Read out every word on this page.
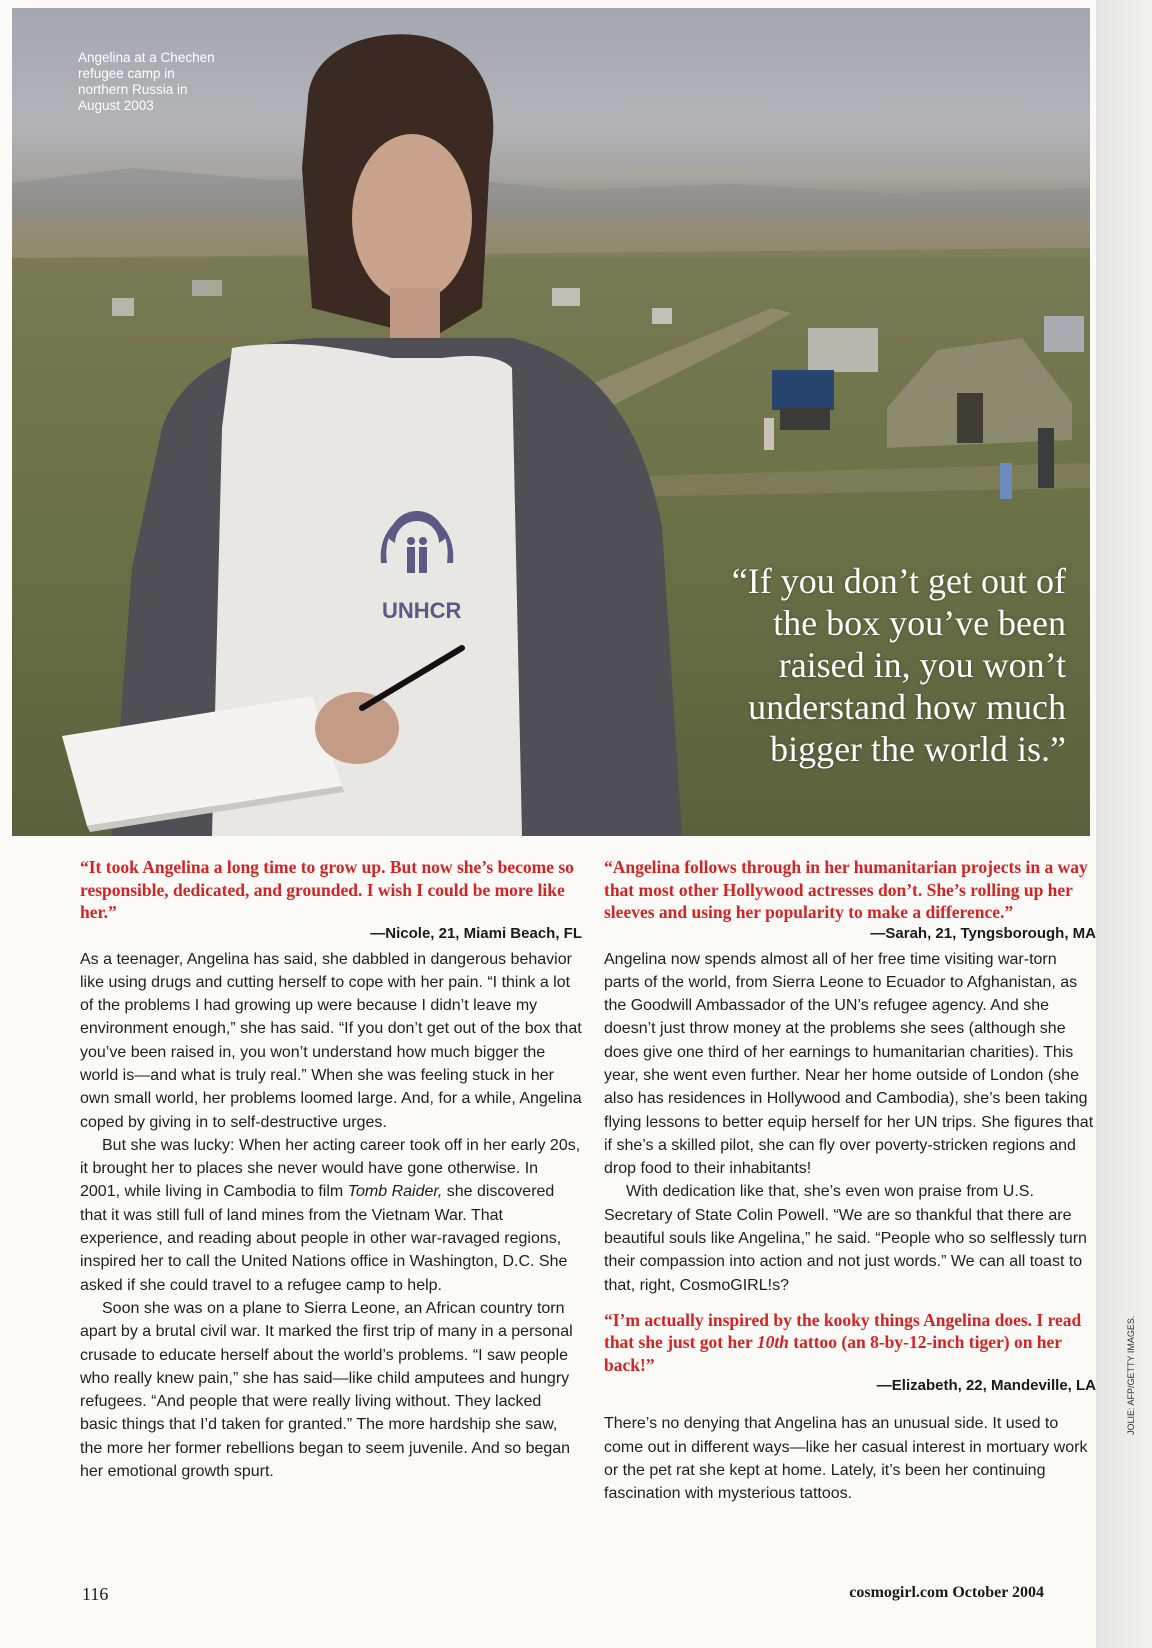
UNHCR
Angelina at a Chechen refugee camp in northern Russia in August 2003
“If you don’t get out of the box you’ve been raised in, you won’t understand how much bigger the world is.”

“It took Angelina a long time to grow up. But now she’s become so responsible, dedicated, and grounded. I wish I could be more like her.”

—Nicole, 21, Miami Beach, FL

As a teenager, Angelina has said, she dabbled in dangerous behavior like using drugs and cutting herself to cope with her pain. “I think a lot of the problems I had growing up were because I didn’t leave my environment enough,” she has said. “If you don’t get out of the box that you’ve been raised in, you won’t understand how much bigger the world is—and what is truly real.” When she was feeling stuck in her own small world, her problems loomed large. And, for a while, Angelina coped by giving in to self-destructive urges.

But she was lucky: When her acting career took off in her early 20s, it brought her to places she never would have gone otherwise. In 2001, while living in Cambodia to film Tomb Raider, she discovered that it was still full of land mines from the Vietnam War. That experience, and reading about people in other war-ravaged regions, inspired her to call the United Nations office in Washington, D.C. She asked if she could travel to a refugee camp to help.

Soon she was on a plane to Sierra Leone, an African country torn apart by a brutal civil war. It marked the first trip of many in a personal crusade to educate herself about the world’s problems. “I saw people who really knew pain,” she has said—like child amputees and hungry refugees. “And people that were really living without. They lacked basic things that I’d taken for granted.” The more hardship she saw, the more her former rebellions began to seem juvenile. And so began her emotional growth spurt.

“Angelina follows through in her humanitarian projects in a way that most other Hollywood actresses don’t. She’s rolling up her sleeves and using her popularity to make a difference.”

—Sarah, 21, Tyngsborough, MA

Angelina now spends almost all of her free time visiting war-torn parts of the world, from Sierra Leone to Ecuador to Afghanistan, as the Goodwill Ambassador of the UN’s refugee agency. And she doesn’t just throw money at the problems she sees (although she does give one third of her earnings to humanitarian charities). This year, she went even further. Near her home outside of London (she also has residences in Hollywood and Cambodia), she’s been taking flying lessons to better equip herself for her UN trips. She figures that if she’s a skilled pilot, she can fly over poverty-stricken regions and drop food to their inhabitants!

With dedication like that, she’s even won praise from U.S. Secretary of State Colin Powell. “We are so thankful that there are beautiful souls like Angelina,” he said. “People who so selflessly turn their compassion into action and not just words.” We can all toast to that, right, CosmoGIRL!s?

“I’m actually inspired by the kooky things Angelina does. I read that she just got her 10th tattoo (an 8-by-12-inch tiger) on her back!”

—Elizabeth, 22, Mandeville, LA

There’s no denying that Angelina has an unusual side. It used to come out in different ways—like her casual interest in mortuary work or the pet rat she kept at home. Lately, it’s been her continuing fascination with mysterious tattoos.

116	cosmogirl.com October 2004
JOLIE: AFP/GETTY IMAGES.
